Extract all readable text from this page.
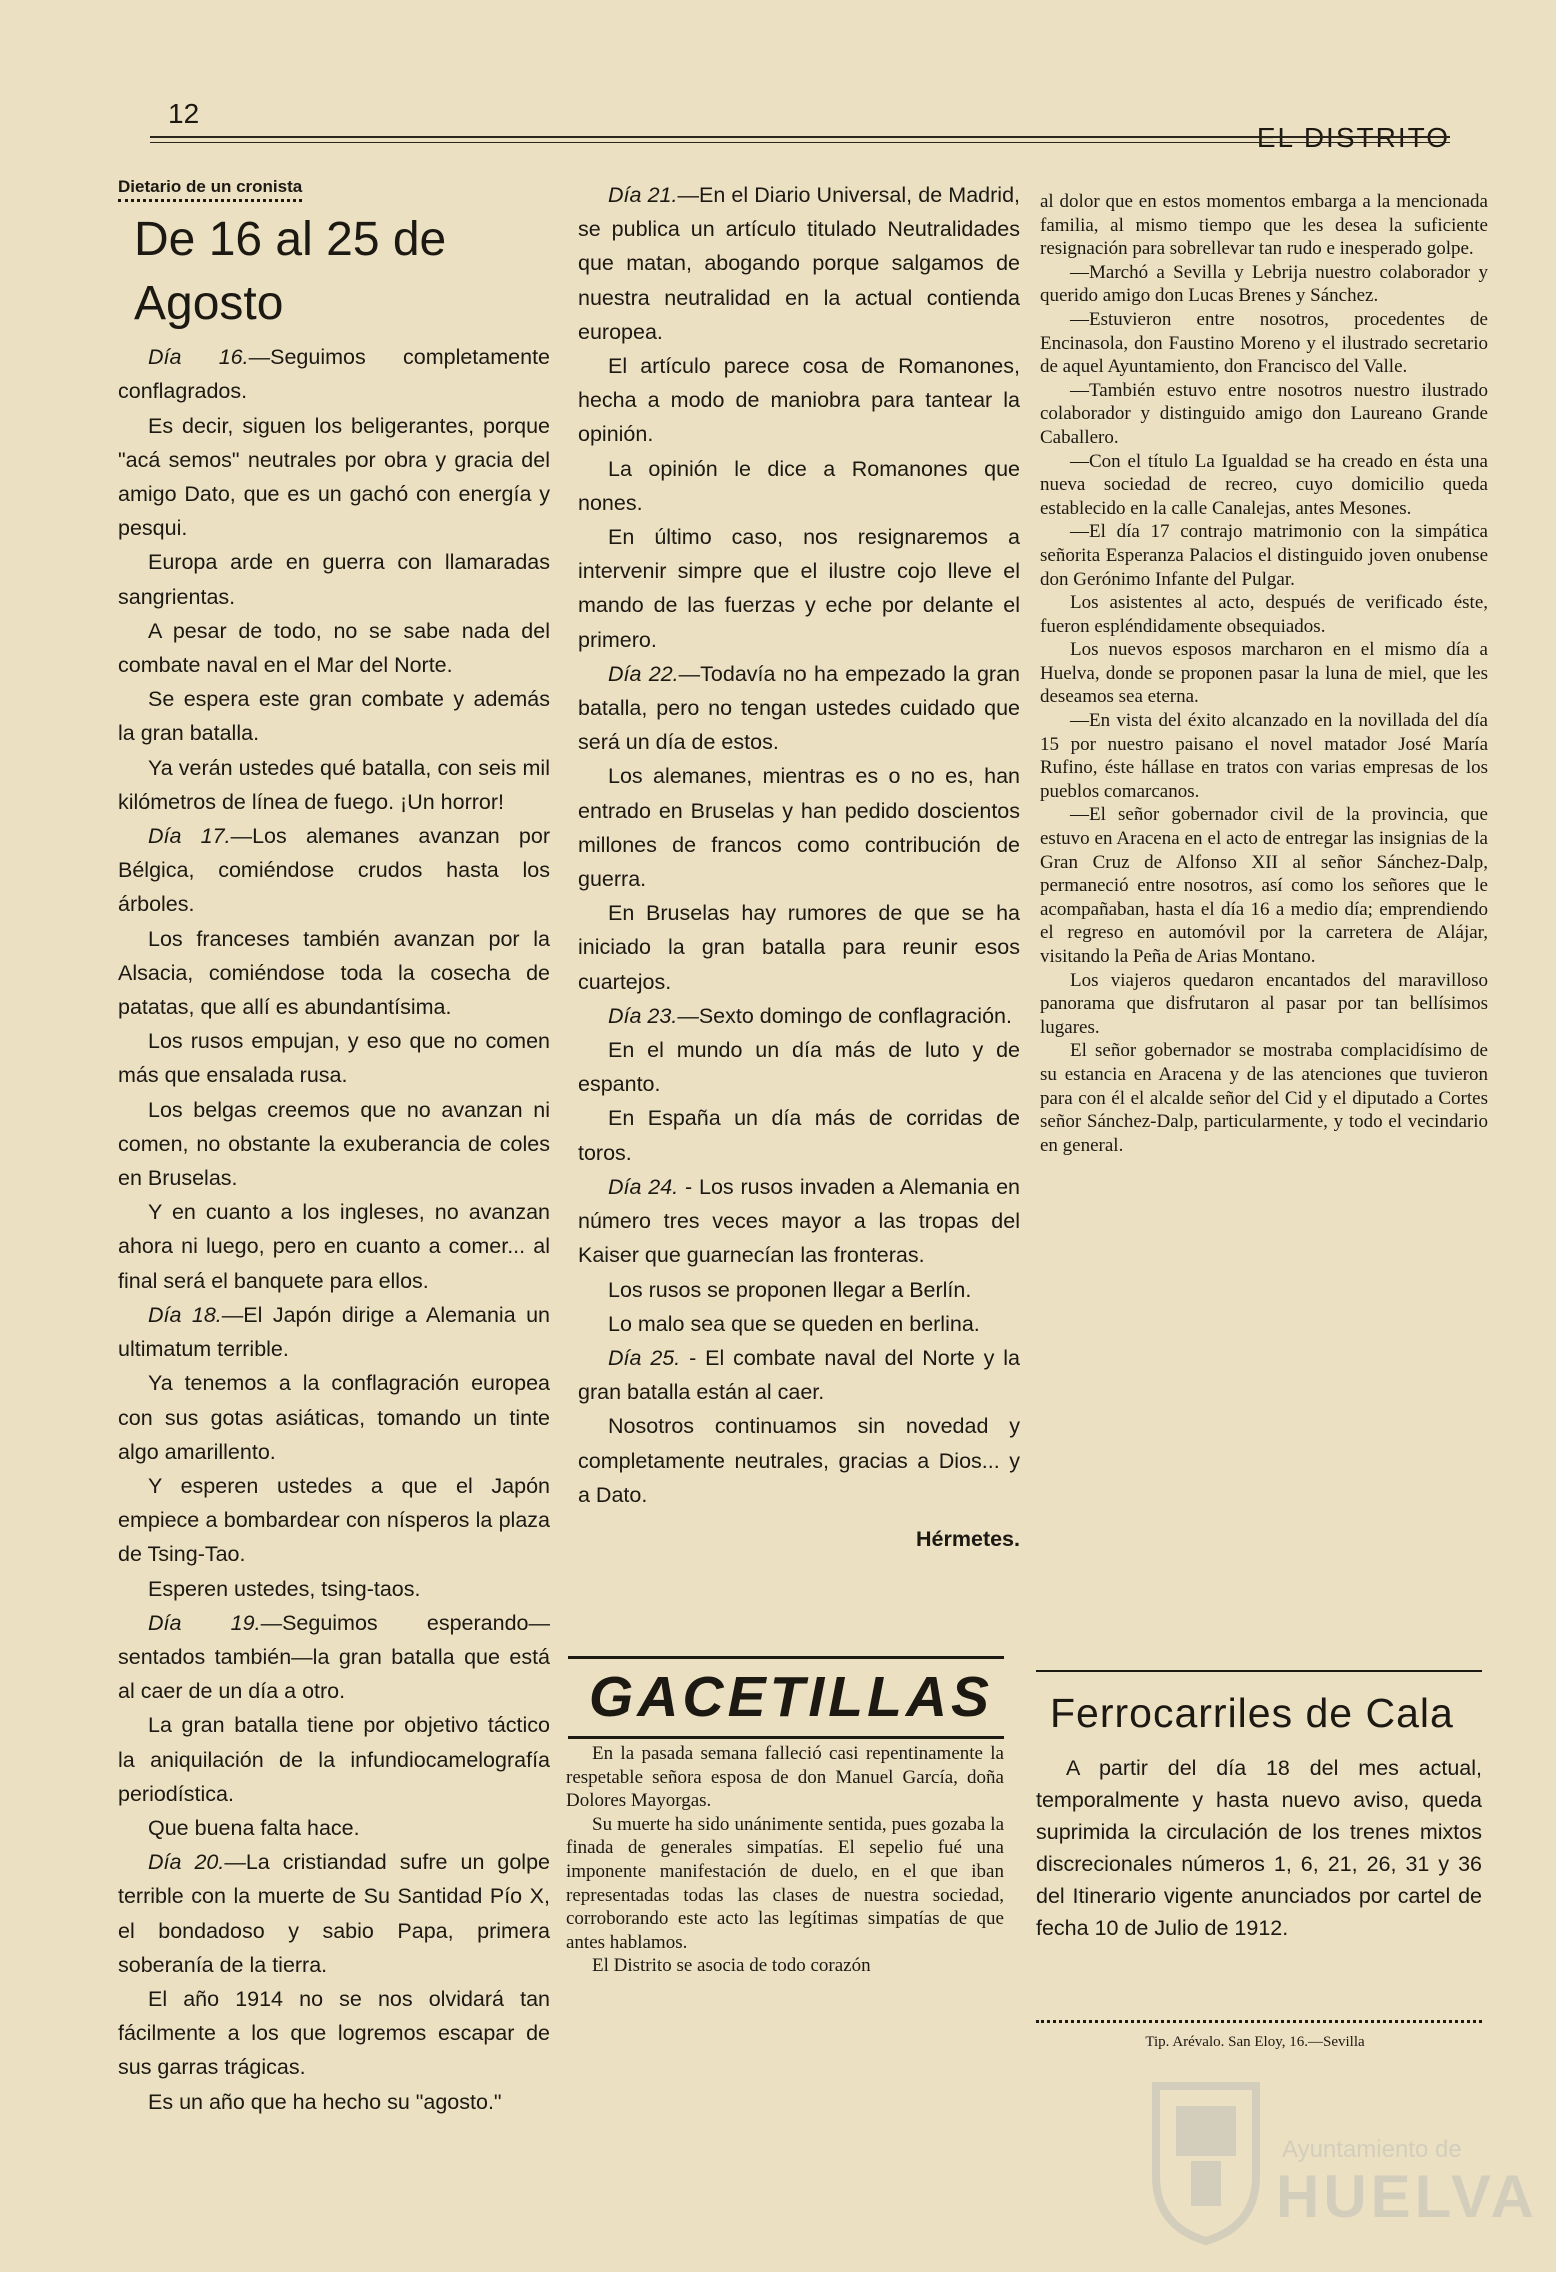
12
EL DISTRITO
Dietario de un cronista
De 16 al 25 de Agosto

Día 16.—Seguimos completamente conflagrados.

Es decir, siguen los beligerantes, porque "acá semos" neutrales por obra y gracia del amigo Dato, que es un gachó con energía y pesqui.

Europa arde en guerra con llamaradas sangrientas.

A pesar de todo, no se sabe nada del combate naval en el Mar del Norte.

Se espera este gran combate y además la gran batalla.

Ya verán ustedes qué batalla, con seis mil kilómetros de línea de fuego. ¡Un horror!

Día 17.—Los alemanes avanzan por Bélgica, comiéndose crudos hasta los árboles.

Los franceses también avanzan por la Alsacia, comiéndose toda la cosecha de patatas, que allí es abundantísima.

Los rusos empujan, y eso que no comen más que ensalada rusa.

Los belgas creemos que no avanzan ni comen, no obstante la exuberancia de coles en Bruselas.

Y en cuanto a los ingleses, no avanzan ahora ni luego, pero en cuanto a comer... al final será el banquete para ellos.

Día 18.—El Japón dirige a Alemania un ultimatum terrible.

Ya tenemos a la conflagración europea con sus gotas asiáticas, tomando un tinte algo amarillento.

Y esperen ustedes a que el Japón empiece a bombardear con nísperos la plaza de Tsing-Tao.

Esperen ustedes, tsing-taos.

Día 19.—Seguimos esperando—sentados también—la gran batalla que está al caer de un día a otro.

La gran batalla tiene por objetivo táctico la aniquilación de la infundiocamelografía periodística.

Que buena falta hace.

Día 20.—La cristiandad sufre un golpe terrible con la muerte de Su Santidad Pío X, el bondadoso y sabio Papa, primera soberanía de la tierra.

El año 1914 no se nos olvidará tan fácilmente a los que logremos escapar de sus garras trágicas.

Es un año que ha hecho su "agosto."

Día 21.—En el Diario Universal, de Madrid, se publica un artículo titulado Neutralidades que matan, abogando porque salgamos de nuestra neutralidad en la actual contienda europea.

El artículo parece cosa de Romanones, hecha a modo de maniobra para tantear la opinión.

La opinión le dice a Romanones que nones.

En último caso, nos resignaremos a intervenir simpre que el ilustre cojo lleve el mando de las fuerzas y eche por delante el primero.

Día 22.—Todavía no ha empezado la gran batalla, pero no tengan ustedes cuidado que será un día de estos.

Los alemanes, mientras es o no es, han entrado en Bruselas y han pedido doscientos millones de francos como contribución de guerra.

En Bruselas hay rumores de que se ha iniciado la gran batalla para reunir esos cuartejos.

Día 23.—Sexto domingo de conflagración.

En el mundo un día más de luto y de espanto.

En España un día más de corridas de toros.

Día 24. - Los rusos invaden a Alemania en número tres veces mayor a las tropas del Kaiser que guarnecían las fronteras.

Los rusos se proponen llegar a Berlín.

Lo malo sea que se queden en berlina.

Día 25. - El combate naval del Norte y la gran batalla están al caer.

Nosotros continuamos sin novedad y completamente neutrales, gracias a Dios... y a Dato.

Hérmetes.

GACETILLAS

En la pasada semana falleció casi repentinamente la respetable señora esposa de don Manuel García, doña Dolores Mayorgas.

Su muerte ha sido unánimente sentida, pues gozaba la finada de generales simpatías. El sepelio fué una imponente manifestación de duelo, en el que iban representadas todas las clases de nuestra sociedad, corroborando este acto las legítimas simpatías de que antes hablamos.

El Distrito se asocia de todo corazón

al dolor que en estos momentos embarga a la mencionada familia, al mismo tiempo que les desea la suficiente resignación para sobrellevar tan rudo e inesperado golpe.

—Marchó a Sevilla y Lebrija nuestro colaborador y querido amigo don Lucas Brenes y Sánchez.

—Estuvieron entre nosotros, procedentes de Encinasola, don Faustino Moreno y el ilustrado secretario de aquel Ayuntamiento, don Francisco del Valle.

—También estuvo entre nosotros nuestro ilustrado colaborador y distinguido amigo don Laureano Grande Caballero.

—Con el título La Igualdad se ha creado en ésta una nueva sociedad de recreo, cuyo domicilio queda establecido en la calle Canalejas, antes Mesones.

—El día 17 contrajo matrimonio con la simpática señorita Esperanza Palacios el distinguido joven onubense don Gerónimo Infante del Pulgar.

Los asistentes al acto, después de verificado éste, fueron espléndidamente obsequiados.

Los nuevos esposos marcharon en el mismo día a Huelva, donde se proponen pasar la luna de miel, que les deseamos sea eterna.

—En vista del éxito alcanzado en la novillada del día 15 por nuestro paisano el novel matador José María Rufino, éste hállase en tratos con varias empresas de los pueblos comarcanos.

—El señor gobernador civil de la provincia, que estuvo en Aracena en el acto de entregar las insignias de la Gran Cruz de Alfonso XII al señor Sánchez-Dalp, permaneció entre nosotros, así como los señores que le acompañaban, hasta el día 16 a medio día; emprendiendo el regreso en automóvil por la carretera de Alájar, visitando la Peña de Arias Montano.

Los viajeros quedaron encantados del maravilloso panorama que disfrutaron al pasar por tan bellísimos lugares.

El señor gobernador se mostraba complacidísimo de su estancia en Aracena y de las atenciones que tuvieron para con él el alcalde señor del Cid y el diputado a Cortes señor Sánchez-Dalp, particularmente, y todo el vecindario en general.

Ferrocarriles de Cala

A partir del día 18 del mes actual, temporalmente y hasta nuevo aviso, queda suprimida la circulación de los trenes mixtos discrecionales números 1, 6, 21, 26, 31 y 36 del Itinerario vigente anunciados por cartel de fecha 10 de Julio de 1912.

Tip. Arévalo. San Eloy, 16.—Sevilla
Ayuntamiento de
HUELVA
